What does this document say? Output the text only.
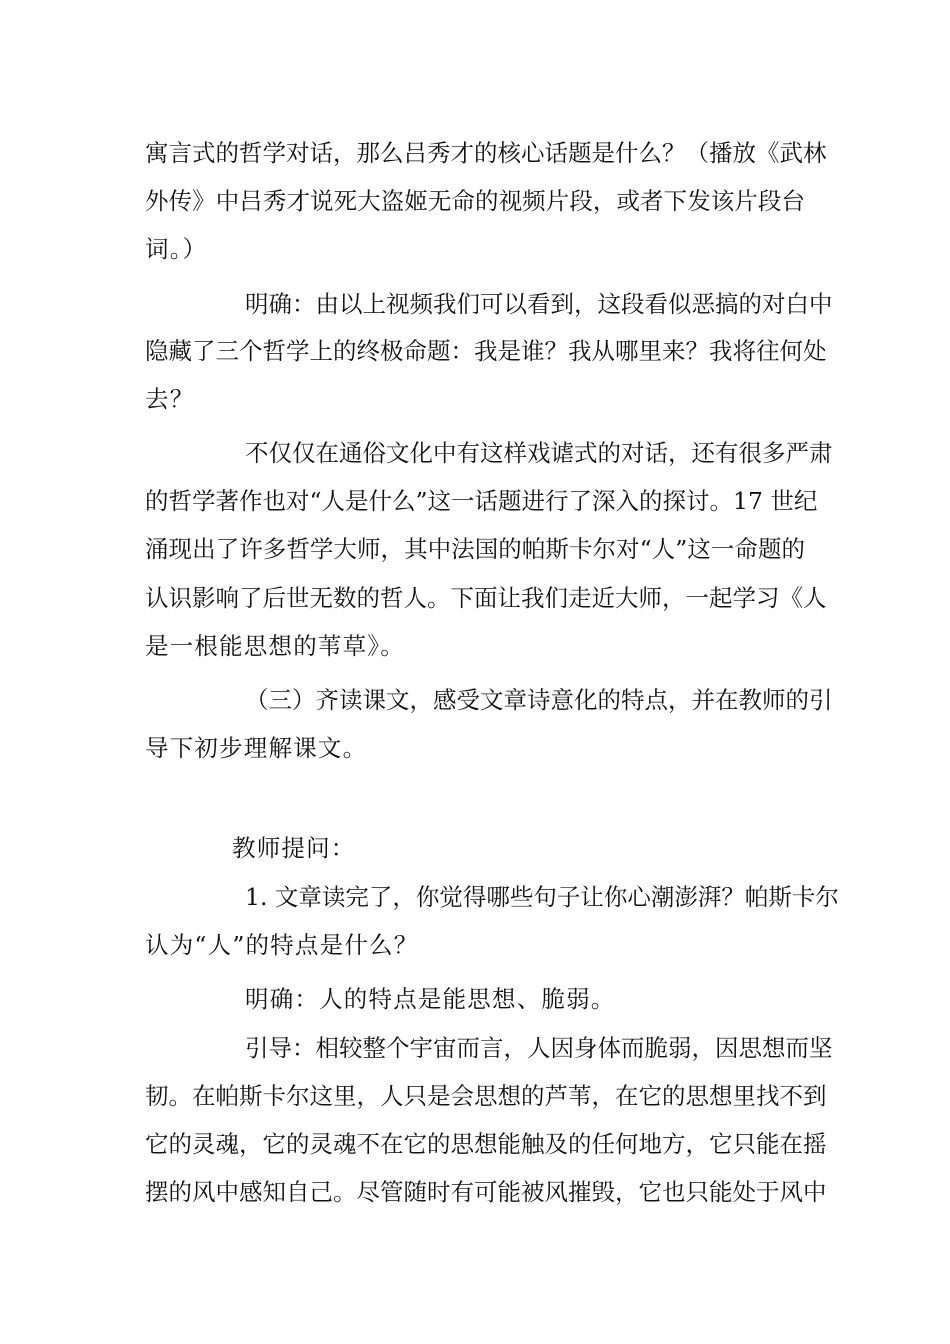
寓言式的哲学对话，那么吕秀才的核心话题是什么？（播放《武林
外传》中吕秀才说死大盗姬无命的视频片段，或者下发该片段台
词。）
明确：由以上视频我们可以看到，这段看似恶搞的对白中
隐藏了三个哲学上的终极命题：我是谁？我从哪里来？我将往何处
去？
不仅仅在通俗文化中有这样戏谑式的对话，还有很多严肃
的哲学著作也对“人是什么”这一话题进行了深入的探讨。17 世纪
涌现出了许多哲学大师，其中法国的帕斯卡尔对“人”这一命题的
认识影响了后世无数的哲人。下面让我们走近大师，一起学习《人
是一根能思想的苇草》。
（三）齐读课文，感受文章诗意化的特点，并在教师的引
导下初步理解课文。
教师提问：
1. 文章读完了，你觉得哪些句子让你心潮澎湃？帕斯卡尔
认为“人”的特点是什么？
明确：人的特点是能思想、脆弱。
引导：相较整个宇宙而言，人因身体而脆弱，因思想而坚
韧。在帕斯卡尔这里，人只是会思想的芦苇，在它的思想里找不到
它的灵魂，它的灵魂不在它的思想能触及的任何地方，它只能在摇
摆的风中感知自己。尽管随时有可能被风摧毁，它也只能处于风中
